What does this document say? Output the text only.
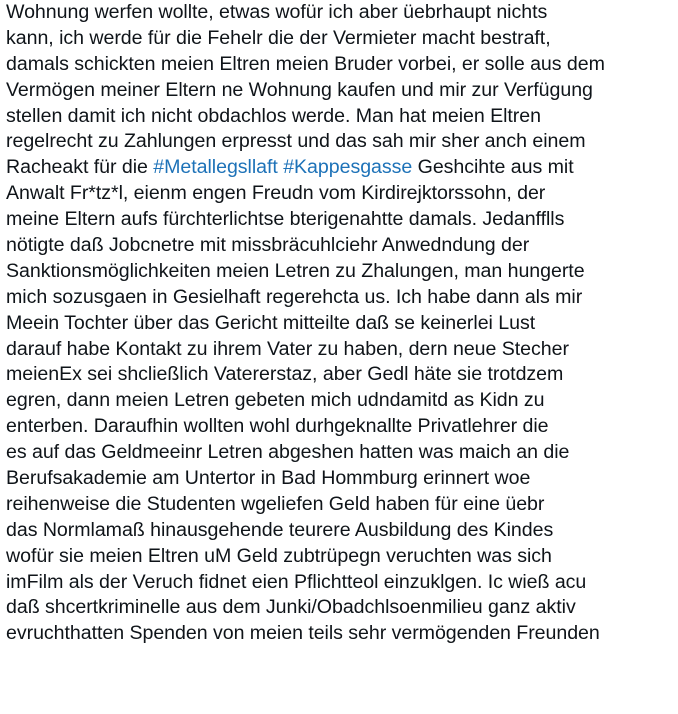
Wohnung werfen wollte, etwas wofür ich aber üebrhaupt nichts
kann, ich werde für die Fehelr die der Vermieter macht bestraft,
damals schickten meien Eltren meien Bruder vorbei, er solle aus dem
Vermögen meiner Eltern ne Wohnung kaufen und mir zur Verfügung
stellen damit ich nicht obdachlos werde. Man hat meien Eltren
regelrecht zu Zahlungen erpresst und das sah mir sher anch einem
Racheakt für die #Metallegsllaft #Kappesgasse Geshcihte aus mit
Anwalt Fr*tz*l, eienm engen Freudn vom Kirdirejktorssohn, der
meine Eltern aufs fürchterlichtse bterigenahtte damals. Jedanfflls
nötigte daß Jobcnetre mit missbräcuhlciehr Anwedndung der
Sanktionsmöglichkeiten meien Letren zu Zhalungen, man hungerte
mich sozusgaen in Gesielhaft regerehcta us. Ich habe dann als mir
Meein Tochter über das Gericht mitteilte daß se keinerlei Lust
darauf habe Kontakt zu ihrem Vater zu haben, dern neue Stecher
meienEx sei shcließlich Vatererstaz, aber Gedl häte sie trotdzem
egren, dann meien Letren gebeten mich udndamitd as Kidn zu
enterben. Daraufhin wollten wohl durhgeknallte Privatlehrer die
es auf das Geldmeeinr Letren abgeshen hatten was maich an die
Berufsakademie am Untertor in Bad Hommburg erinnert woe
reihenweise die Studenten wgeliefen Geld haben für eine üebr
das Normlamaß hinausgehende teurere Ausbildung des Kindes
wofür sie meien Eltren uM Geld zubtrüpegn veruchten was sich
imFilm als der Veruch fidnet eien Pflichtteol einzuklgen. Ic wieß acu
daß shcertkriminelle aus dem Junki/Obadchlsoenmilieu ganz aktiv
evruchthatten Spenden von meien teils sehr vermögenden Freunden
